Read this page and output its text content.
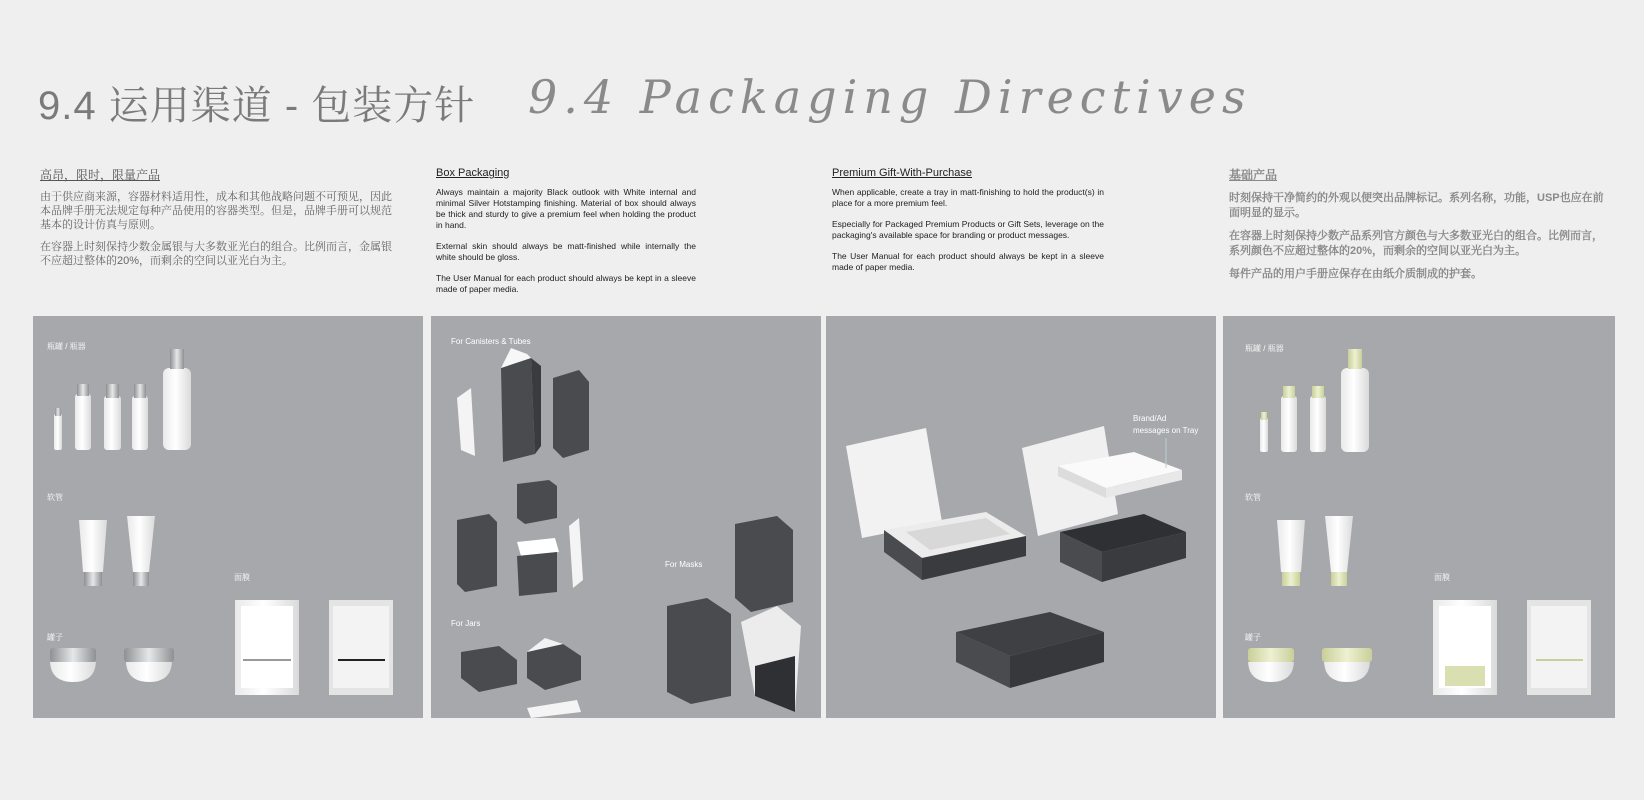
9.4 运用渠道 - 包装方针 9.4 Packaging Directives
高昂，限时，限量产品

由于供应商来源，容器材料适用性，成本和其他战略问题不可预见，因此本品牌手册无法规定每种产品使用的容器类型。但是，品牌手册可以规范基本的设计仿真与原则。

在容器上时刻保持少数金属银与大多数亚光白的组合。比例而言，金属银不应超过整体的20%，而剩余的空间以亚光白为主。

Box Packaging

Always maintain a majority Black outlook with White internal and minimal Silver Hotstamping finishing. Material of box should always be thick and sturdy to give a premium feel when holding the product in hand.

External skin should always be matt-finished while internally the white should be gloss.

The User Manual for each product should always be kept in a sleeve made of paper media.

Premium Gift-With-Purchase

When applicable, create a tray in matt-finishing to hold the product(s) in place for a more premium feel.

Especially for Packaged Premium Products or Gift Sets, leverage on the packaging's available space for branding or product messages.

The User Manual for each product should always be kept in a sleeve made of paper media.

基础产品

时刻保持干净简约的外观以便突出品牌标记。系列名称，功能，USP也应在前面明显的显示。

在容器上时刻保持少数产品系列官方颜色与大多数亚光白的组合。比例而言，系列颜色不应超过整体的20%，而剩余的空间以亚光白为主。

每件产品的用户手册应保存在由纸介质制成的护套。

瓶罐 / 瓶器
软管
面膜
罐子
For Canisters & Tubes
For Masks
For Jars
Brand/Ad
messages on Tray
瓶罐 / 瓶器
软管
面膜
罐子
